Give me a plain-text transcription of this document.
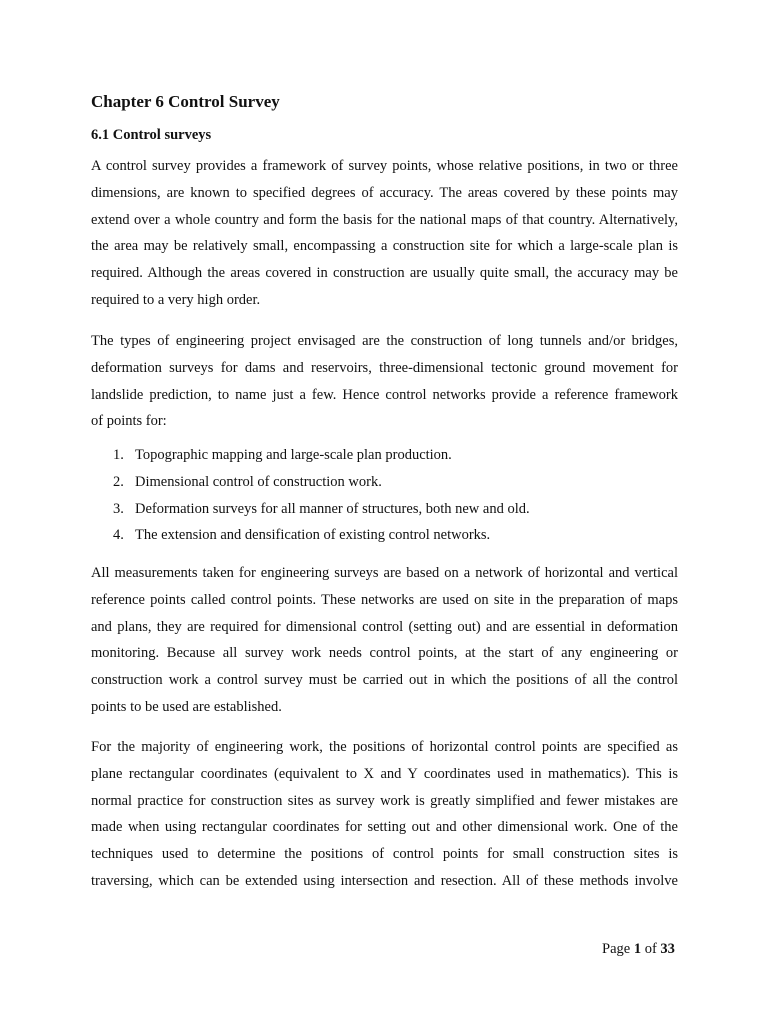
Chapter 6 Control Survey
6.1 Control surveys

A control survey provides a framework of survey points, whose relative positions, in two or three
dimensions, are known to specified degrees of accuracy. The areas covered by these points may
extend over a whole country and form the basis for the national maps of that country. Alternatively,
the area may be relatively small, encompassing a construction site for which a large-scale plan is
required. Although the areas covered in construction are usually quite small, the accuracy may be
required to a very high order.

The types of engineering project envisaged are the construction of long tunnels and/or bridges,
deformation surveys for dams and reservoirs, three-dimensional tectonic ground movement for
landslide prediction, to name just a few. Hence control networks provide a reference framework
of points for:

1. Topographic mapping and large-scale plan production.
2. Dimensional control of construction work.
3. Deformation surveys for all manner of structures, both new and old.
4. The extension and densification of existing control networks.

All measurements taken for engineering surveys are based on a network of horizontal and vertical
reference points called control points. These networks are used on site in the preparation of maps
and plans, they are required for dimensional control (setting out) and are essential in deformation
monitoring. Because all survey work needs control points, at the start of any engineering or
construction work a control survey must be carried out in which the positions of all the control
points to be used are established.

For the majority of engineering work, the positions of horizontal control points are specified as
plane rectangular coordinates (equivalent to X and Y coordinates used in mathematics). This is
normal practice for construction sites as survey work is greatly simplified and fewer mistakes are
made when using rectangular coordinates for setting out and other dimensional work. One of the
techniques used to determine the positions of control points for small construction sites is
traversing, which can be extended using intersection and resection. All of these methods involve

Page 1 of 33
